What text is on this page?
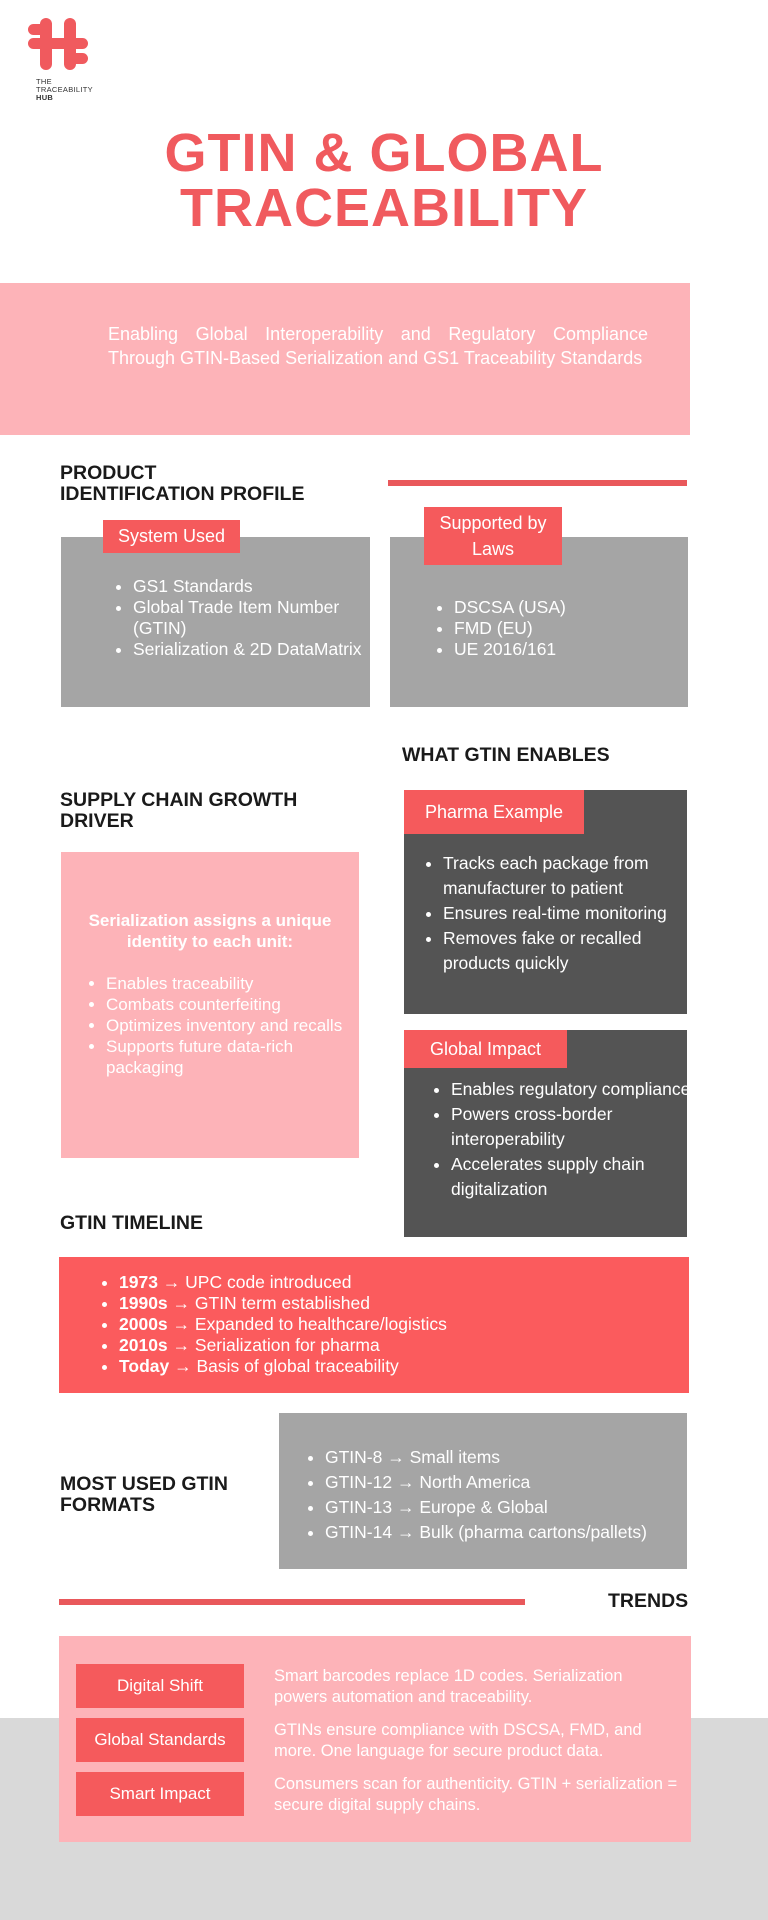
THE
TRACEABILITY
HUB
GTIN & GLOBAL
TRACEABILITY
Enabling Global Interoperability and Regulatory Compliance Through GTIN-Based Serialization and GS1 Traceability Standards
PRODUCT
IDENTIFICATION PROFILE
System Used
• GS1 Standards
• Global Trade Item Number (GTIN)
• Serialization & 2D DataMatrix
Supported by
Laws
• DSCSA (USA)
• FMD (EU)
• UE 2016/161
WHAT GTIN ENABLES
Pharma Example
• Tracks each package from manufacturer to patient
• Ensures real-time monitoring
• Removes fake or recalled products quickly
Global Impact
• Enables regulatory compliance
• Powers cross-border interoperability
• Accelerates supply chain digitalization
SUPPLY CHAIN GROWTH
DRIVER
Serialization assigns a unique identity to each unit:
• Enables traceability
• Combats counterfeiting
• Optimizes inventory and recalls
• Supports future data-rich packaging
GTIN TIMELINE
• 1973 → UPC code introduced
• 1990s → GTIN term established
• 2000s → Expanded to healthcare/logistics
• 2010s → Serialization for pharma
• Today → Basis of global traceability
MOST USED GTIN
FORMATS
• GTIN-8 → Small items
• GTIN-12 → North America
• GTIN-13 → Europe & Global
• GTIN-14 → Bulk (pharma cartons/pallets)
TRENDS
Digital Shift	Smart barcodes replace 1D codes. Serialization powers automation and traceability.
Global Standards	GTINs ensure compliance with DSCSA, FMD, and more. One language for secure product data.
Smart Impact	Consumers scan for authenticity. GTIN + serialization = secure digital supply chains.
